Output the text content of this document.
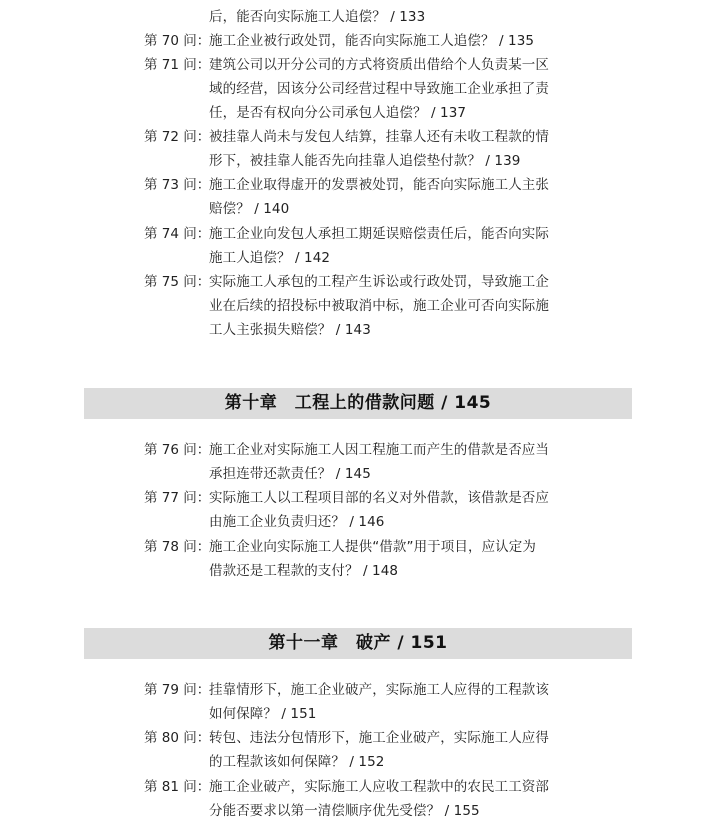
后，能否向实际施工人追偿？ / 133
第 70 问：
施工企业被行政处罚，能否向实际施工人追偿？ / 135
第 71 问：
建筑公司以开分公司的方式将资质出借给个人负责某一区
域的经营，因该分公司经营过程中导致施工企业承担了责
任，是否有权向分公司承包人追偿？ / 137
第 72 问：
被挂靠人尚未与发包人结算，挂靠人还有未收工程款的情
形下，被挂靠人能否先向挂靠人追偿垫付款？ / 139
第 73 问：
施工企业取得虚开的发票被处罚，能否向实际施工人主张
赔偿？ / 140
第 74 问：
施工企业向发包人承担工期延误赔偿责任后，能否向实际
施工人追偿？ / 142
第 75 问：
实际施工人承包的工程产生诉讼或行政处罚，导致施工企
业在后续的招投标中被取消中标，施工企业可否向实际施
工人主张损失赔偿？ / 143
第十章　工程上的借款问题 / 145
第 76 问：
施工企业对实际施工人因工程施工而产生的借款是否应当
承担连带还款责任？ / 145
第 77 问：
实际施工人以工程项目部的名义对外借款，该借款是否应
由施工企业负责归还？ / 146
第 78 问：
施工企业向实际施工人提供“借款”用于项目，应认定为
借款还是工程款的支付？ / 148
第十一章　破产 / 151
第 79 问：
挂靠情形下，施工企业破产，实际施工人应得的工程款该
如何保障？ / 151
第 80 问：
转包、违法分包情形下，施工企业破产，实际施工人应得
的工程款该如何保障？ / 152
第 81 问：
施工企业破产，实际施工人应收工程款中的农民工工资部
分能否要求以第一清偿顺序优先受偿？ / 155
